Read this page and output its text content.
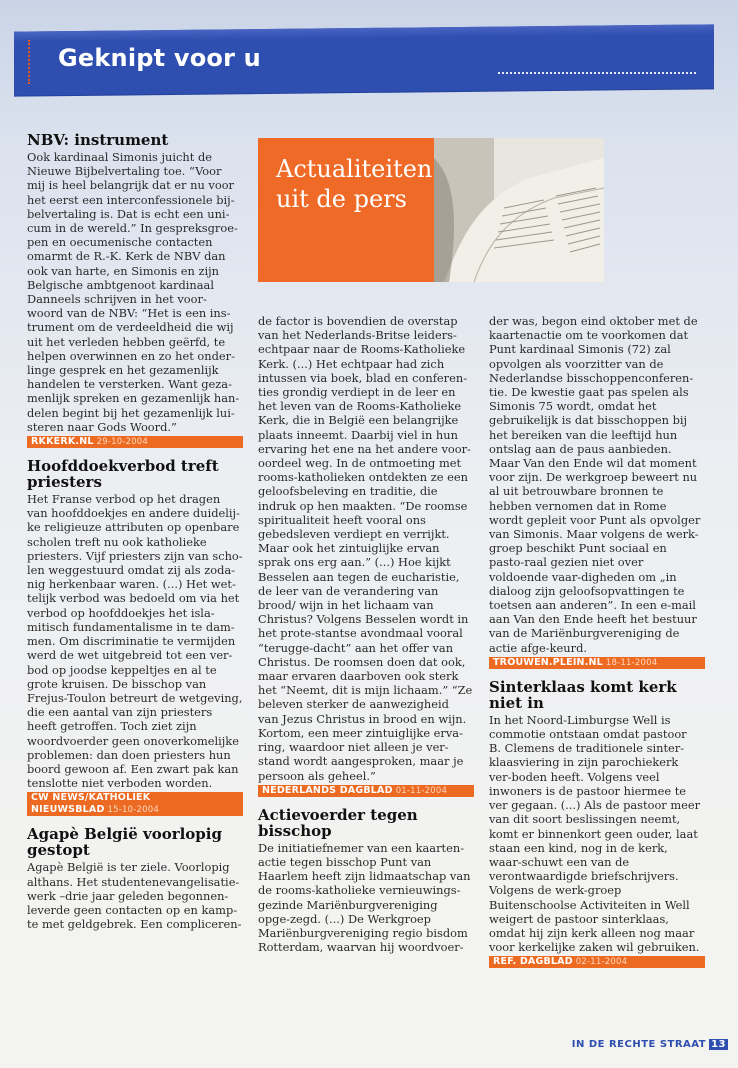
Geknipt voor u
Actualiteiten
uit de pers
NBV: instrument

Ook kardinaal Simonis juicht de Nieuwe Bijbelvertaling toe. “Voor mij is heel belangrijk dat er nu voor het eerst een interconfessionele bij-belvertaling is. Dat is echt een uni-cum in de wereld.” In gespreksgroe-pen en oecumenische contacten omarmt de R.-K. Kerk de NBV dan ook van harte, en Simonis en zijn Belgische ambtgenoot kardinaal Danneels schrijven in het voor-woord van de NBV: “Het is een ins-trument om de verdeeldheid die wij uit het verleden hebben geërfd, te helpen overwinnen en zo het onder-linge gesprek en het gezamenlijk handelen te versterken. Want geza-menlijk spreken en gezamenlijk han-delen begint bij het gezamenlijk lui-steren naar Gods Woord.”

RKKERK.NL 29-10-2004
Hoofddoekverbod treft priesters

Het Franse verbod op het dragen van hoofddoekjes en andere duidelij-ke religieuze attributen op openbare scholen treft nu ook katholieke priesters. Vijf priesters zijn van scho-len weggestuurd omdat zij als zoda-nig herkenbaar waren. (...) Het wet-telijk verbod was bedoeld om via het verbod op hoofddoekjes het isla-mitisch fundamentalisme in te dam-men. Om discriminatie te vermijden werd de wet uitgebreid tot een ver-bod op joodse keppeltjes en al te grote kruisen. De bisschop van Frejus-Toulon betreurt de wetgeving, die een aantal van zijn priesters heeft getroffen. Toch ziet zijn woordvoerder geen onoverkomelijke problemen: dan doen priesters hun boord gewoon af. Een zwart pak kan tenslotte niet verboden worden.

CW NEWS/KATHOLIEK
NIEUWSBLAD 15-10-2004
Agapè België voorlopig gestopt

Agapè België is ter ziele. Voorlopig althans. Het studentenevangelisatie-werk –drie jaar geleden begonnen-leverde geen contacten op en kamp-te met geldgebrek. Een compliceren-

de factor is bovendien de overstap van het Nederlands-Britse leiders-echtpaar naar de Rooms-Katholieke Kerk. (...) Het echtpaar had zich intussen via boek, blad en conferen-ties grondig verdiept in de leer en het leven van de Rooms-Katholieke Kerk, die in België een belangrijke plaats inneemt. Daarbij viel in hun ervaring het ene na het andere voor-oordeel weg. In de ontmoeting met rooms-katholieken ontdekten ze een geloofsbeleving en traditie, die indruk op hen maakten. “De roomse spiritualiteit heeft vooral ons gebedsleven verdiept en verrijkt. Maar ook het zintuiglijke ervan sprak ons erg aan.” (...) Hoe kijkt Besselen aan tegen de eucharistie, de leer van de verandering van brood/ wijn in het lichaam van Christus? Volgens Besselen wordt in het prote-stantse avondmaal vooral “terugge-dacht” aan het offer van Christus. De roomsen doen dat ook, maar ervaren daarboven ook sterk het “Neemt, dit is mijn lichaam.” “Ze beleven sterker de aanwezigheid van Jezus Christus in brood en wijn. Kortom, een meer zintuiglijke erva-ring, waardoor niet alleen je ver-stand wordt aangesproken, maar je persoon als geheel.”

NEDERLANDS DAGBLAD 01-11-2004
Actievoerder tegen bisschop

De initiatiefnemer van een kaarten-actie tegen bisschop Punt van Haarlem heeft zijn lidmaatschap van de rooms-katholieke vernieuwings-gezinde Mariënburgvereniging opge-zegd. (...) De Werkgroep Mariënburgvereniging regio bisdom Rotterdam, waarvan hij woordvoer-

der was, begon eind oktober met de kaartenactie om te voorkomen dat Punt kardinaal Simonis (72) zal opvolgen als voorzitter van de Nederlandse bisschoppenconferen-tie. De kwestie gaat pas spelen als Simonis 75 wordt, omdat het gebruikelijk is dat bisschoppen bij het bereiken van die leeftijd hun ontslag aan de paus aanbieden. Maar Van den Ende wil dat moment voor zijn. De werkgroep beweert nu al uit betrouwbare bronnen te hebben vernomen dat in Rome wordt gepleit voor Punt als opvolger van Simonis. Maar volgens de werk-groep beschikt Punt sociaal en pasto-raal gezien niet over voldoende vaar-digheden om „in dialoog zijn geloofsopvattingen te toetsen aan anderen”. In een e-mail aan Van den Ende heeft het bestuur van de Mariënburgvereniging de actie afge-keurd.

TROUWEN.PLEIN.NL 18-11-2004
Sinterklaas komt kerk niet in

In het Noord-Limburgse Well is commotie ontstaan omdat pastoor B. Clemens de traditionele sinter-klaasviering in zijn parochiekerk ver-boden heeft. Volgens veel inwoners is de pastoor hiermee te ver gegaan. (...) Als de pastoor meer van dit soort beslissingen neemt, komt er binnenkort geen ouder, laat staan een kind, nog in de kerk, waar-schuwt een van de verontwaardigde briefschrijvers. Volgens de werk-groep Buitenschoolse Activiteiten in Well weigert de pastoor sinterklaas, omdat hij zijn kerk alleen nog maar voor kerkelijke zaken wil gebruiken.

REF. DAGBLAD 02-11-2004
IN DE RECHTE STRAAT 13
